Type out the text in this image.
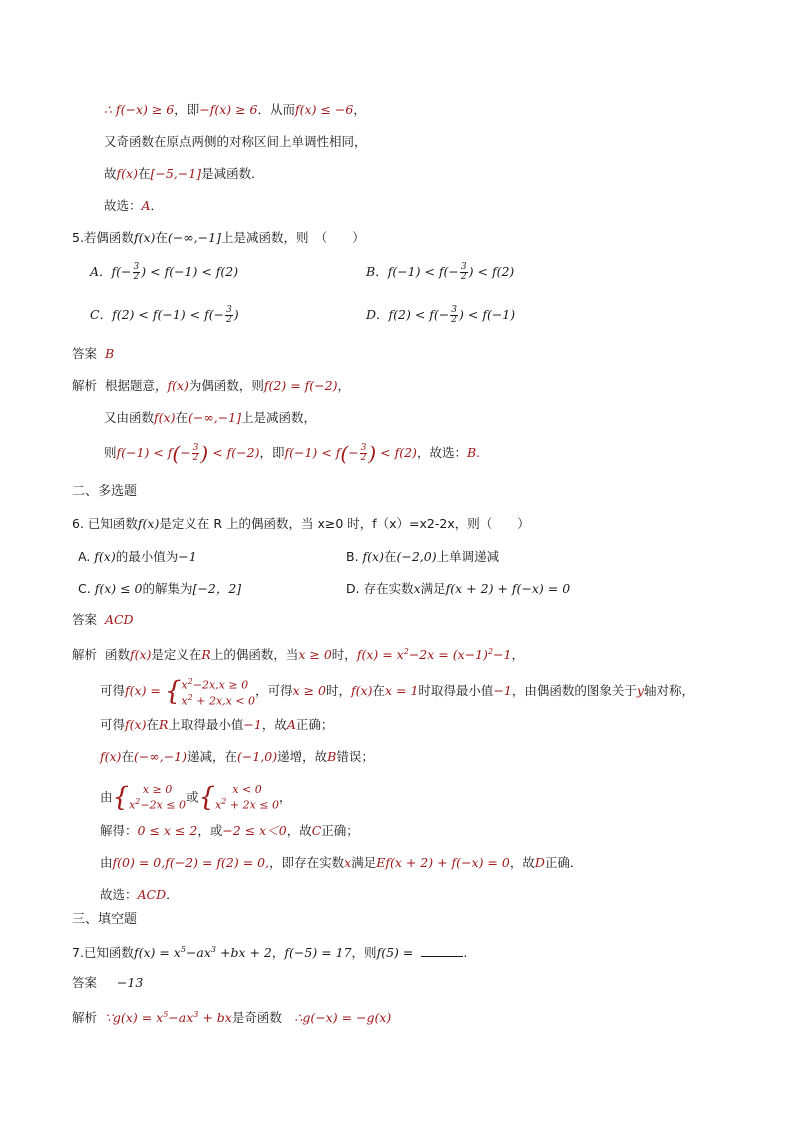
∴ f(−x) ≥ 6，即−f(x) ≥ 6．从而f(x) ≤ −6，
又奇函数在原点两侧的对称区间上单调性相同，
故f(x)在[−5,−1]是减函数．
故选：A．
5.若偶函数f(x)在(−∞,−1]上是减函数，则　（　　）
A．$f(- \frac{3}{2}$ ) < f(−1) < f(2)	B．$f(-1) < f(- \frac{3}{2}$ ) < f(2)
C．$f(2) < f(-1) < f(- \frac{3}{2}$ )	D．$f(2) < f(- \frac{3}{2}$ ) < f(−1)
答案 B
解析  根据题意，f(x)为偶函数，则f(2) = f(−2)，
又由函数f(x)在(−∞,−1]上是减函数，
则$f(-1) < f(- \frac{3}{2}$ ) < f(−2)，即$f(-1) < f(- \frac{3}{2}$ ) < f(2)，故选：B.
二、多选题
6. 已知函数f(x)是定义在 R 上的偶函数，当 x≥0 时，f（x）=x2-2x，则（　　）
A. f(x)的最小值为−1	B. f(x)在(−2,0)上单调递减
C. f(x) ≤ 0的解集为[−2，2]	D. 存在实数x满足f(x + 2) + f(−x) = 0
答案 ACD
解析  函数f(x)是定义在R上的偶函数，当x ≥ 0时，$f(x) = x^2-2x = (x-1)^2-1$，
可得f(x) = { $x^2-2x,x \ge 0$
$x^2 + 2x,x < 0$
，可得x ≥ 0时，f(x)在x = 1时取得最小值−1，由偶函数的图象关于y轴对称，
可得f(x)在R上取得最小值−1，故A正确；
f(x)在(−∞,−1)递减，在(−1,0)递增，故B错误；
由{	x ≥ 0
$x^2-2x \le 0$
或{	x < 0
$x^2 + 2x \le 0$
，
解得：0 ≤ x ≤ 2，或−2 ≤ x＜0，故C正确；
由f(0) = 0,f(−2) = f(2) = 0,，即存在实数x满足Ef(x + 2) + f(−x) = 0，故D正确．
故选：ACD．
三、填空题
7.已知函数$f(x) = x^5-ax^3 +bx + 2$，f(−5) = 17，则f(5) =	.
答案 −13
解析 ∵g(x) = $x^5-ax^3$ + bx是奇函数　∴g(−x) = −g(x)
